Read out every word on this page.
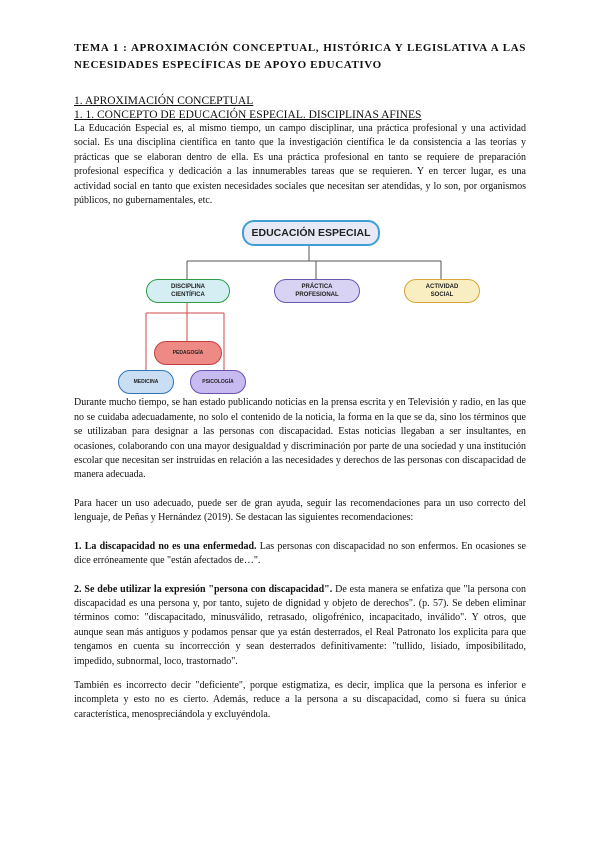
TEMA 1 : APROXIMACIÓN CONCEPTUAL, HISTÓRICA Y LEGISLATIVA A LAS NECESIDADES ESPECÍFICAS DE APOYO EDUCATIVO
1. APROXIMACIÓN CONCEPTUAL
1. 1. CONCEPTO DE EDUCACIÓN ESPECIAL. DISCIPLINAS AFINES

La Educación Especial es, al mismo tiempo, un campo disciplinar, una práctica profesional y una actividad social. Es una disciplina científica en tanto que la investigación científica le da consistencia a las teorías y prácticas que se elaboran dentro de ella. Es una práctica profesional en tanto se requiere de preparación profesional específica y dedicación a las innumerables tareas que se requieren. Y en tercer lugar, es una actividad social en tanto que existen necesidades sociales que necesitan ser atendidas, y lo son, por organismos públicos, no gubernamentales, etc.

EDUCACIÓN ESPECIAL
DISCIPLINA
CIENTÍFICA
PRÁCTICA
PROFESIONAL
ACTIVIDAD
SOCIAL
PEDAGOGÍA
MEDICINA	PSICOLOGÍA

Durante mucho tiempo, se han estado publicando noticias en la prensa escrita y en Televisión y radio, en las que no se cuidaba adecuadamente, no solo el contenido de la noticia, la forma en la que se da, sino los términos que se utilizaban para designar a las personas con discapacidad. Estas noticias llegaban a ser insultantes, en ocasiones, colaborando con una mayor desigualdad y discriminación por parte de una sociedad y una institución escolar que necesitan ser instruidas en relación a las necesidades y derechos de las personas con discapacidad de manera adecuada.

Para hacer un uso adecuado, puede ser de gran ayuda, seguir las recomendaciones para un uso correcto del lenguaje, de Peñas y Hernández (2019). Se destacan las siguientes recomendaciones:

1. La discapacidad no es una enfermedad. Las personas con discapacidad no son enfermos. En ocasiones se dice erróneamente que "están afectados de…".

2. Se debe utilizar la expresión "persona con discapacidad". De esta manera se enfatiza que "la persona con discapacidad es una persona y, por tanto, sujeto de dignidad y objeto de derechos". (p. 57). Se deben eliminar términos como: "discapacitado, minusválido, retrasado, oligofrénico, incapacitado, inválido". Y otros, que aunque sean más antiguos y podamos pensar que ya están desterrados, el Real Patronato los explicita para que tengamos en cuenta su incorrección y sean desterrados definitivamente: "tullido, lisiado, imposibilitado, impedido, subnormal, loco, trastornado".

También es incorrecto decir "deficiente", porque estigmatiza, es decir, implica que la persona es inferior e incompleta y esto no es cierto. Además, reduce a la persona a su discapacidad, como si fuera su única característica, menospreciándola y excluyéndola.
